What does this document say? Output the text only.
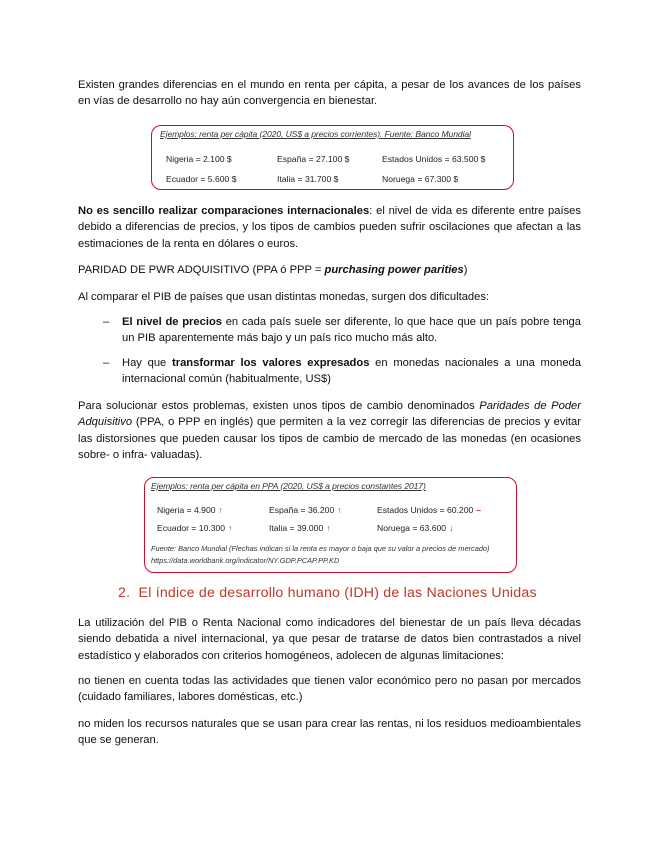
Existen grandes diferencias en el mundo en renta per cápita, a pesar de los avances de los países en vías de desarrollo no hay aún convergencia en bienestar.

Ejemplos: renta per cápita (2020, US$ a precios corrientes). Fuente: Banco Mundial
Nigeria = 2.100 $	España = 27.100 $	Estados Unidos = 63.500 $
Ecuador = 5.600 $	Italia = 31.700 $	Noruega = 67.300 $

No es sencillo realizar comparaciones internacionales: el nivel de vida es diferente entre países debido a diferencias de precios, y los tipos de cambios pueden sufrir oscilaciones que afectan a las estimaciones de la renta en dólares o euros.

PARIDAD DE PWR ADQUISITIVO (PPA ó PPP = purchasing power parities)

Al comparar el PIB de países que usan distintas monedas, surgen dos dificultades:

– El nivel de precios en cada país suele ser diferente, lo que hace que un país pobre tenga un PIB aparentemente más bajo y un país rico mucho más alto.

– Hay que transformar los valores expresados en monedas nacionales a una moneda internacional común (habitualmente, US$)

Para solucionar estos problemas, existen unos tipos de cambio denominados Paridades de Poder Adquisitivo (PPA, o PPP en inglés) que permiten a la vez corregir las diferencias de precios y evitar las distorsiones que pueden causar los tipos de cambio de mercado de las monedas (en ocasiones sobre- o infra- valuadas).

Ejemplos: renta per cápita en PPA (2020, US$ a precios constantes 2017)
Nigeria = 4.900 ↑	España = 36.200 ↑	Estados Unidos = 60.200 –
Ecuador = 10.300 ↑	Italia = 39.000 ↑	Noruega = 63.600 ↓
Fuente: Banco Mundial (Flechas indican si la renta es mayor o baja que su valor a precios de mercado)
https://data.worldbank.org/indicator/NY.GDP.PCAP.PP.KD
2. El índice de desarrollo humano (IDH) de las Naciones Unidas

La utilización del PIB o Renta Nacional como indicadores del bienestar de un país lleva décadas siendo debatida a nivel internacional, ya que pesar de tratarse de datos bien contrastados a nivel estadístico y elaborados con criterios homogéneos, adolecen de algunas limitaciones:

no tienen en cuenta todas las actividades que tienen valor económico pero no pasan por mercados (cuidado familiares, labores domésticas, etc.)

no miden los recursos naturales que se usan para crear las rentas, ni los residuos medioambientales que se generan.
